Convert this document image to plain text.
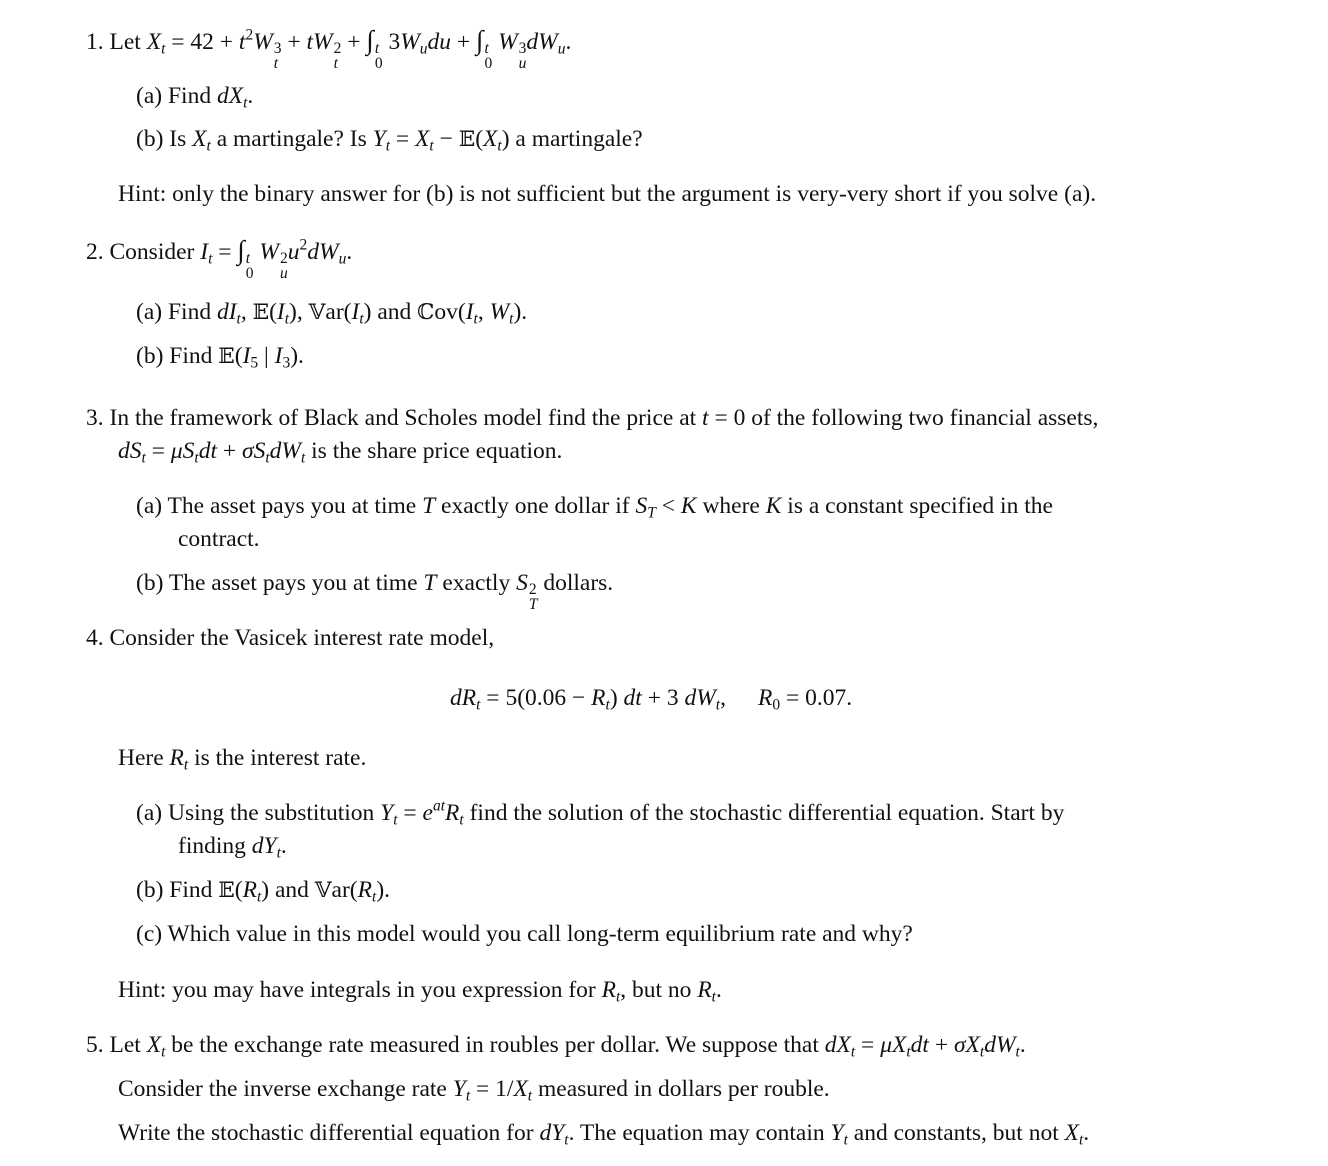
1. Let $X_t = 42 + t^2W$ 3
t
+ tW 2
t
+ ∫ t
0
$3W_udu$ + ∫ t
0
W 3
u
$dW_u$.
(a) Find $dX_t$.
(b) Is $X_t$ a martingale? Is $Y_t = X_t$ − $𝔼(X_t)$ a martingale?
Hint: only the binary answer for (b) is not sufficient but the argument is very-very short if you solve (a).
2. Consider $I_t$ = ∫ t
0
W 2
u
$u^2dW_u$.
(a) Find $dI_t$, $𝔼(I_t)$, $𝕍ar(I_t)$ and $ℂov(I_t$, $W_t$).
(b) Find $𝔼(I_5$ | $I_3$).
3. In the framework of Black and Scholes model find the price at t = 0 of the following two financial assets,
$dS_t = \mu S_tdt + \sigma S_tdW_t$ is the share price equation.
(a) The asset pays you at time T exactly one dollar if $S_T < K$ where K is a constant specified in the
contract.
(b) The asset pays you at time T exactly S 2
T
dollars.
4. Consider the Vasicek interest rate model,
$dR_t = 5(0.06 - R_t)$ dt + 3 $dW_t$, $R_0 = 0.07$.
Here $R_t$ is the interest rate.
(a) Using the substitution $Y_t = e^{at}R_t$ find the solution of the stochastic differential equation. Start by
finding $dY_t$.
(b) Find $𝔼(R_t)$ and $𝕍ar(R_t)$.
(c) Which value in this model would you call long-term equilibrium rate and why?
Hint: you may have integrals in you expression for $R_t$, but no $R_t$.
5. Let $X_t$ be the exchange rate measured in roubles per dollar. We suppose that $dX_t = \mu X_tdt + \sigma X_tdW_t$.
Consider the inverse exchange rate $Y_t = 1/X_t$ measured in dollars per rouble.
Write the stochastic differential equation for $dY_t$. The equation may contain $Y_t$ and constants, but not $X_t$.
